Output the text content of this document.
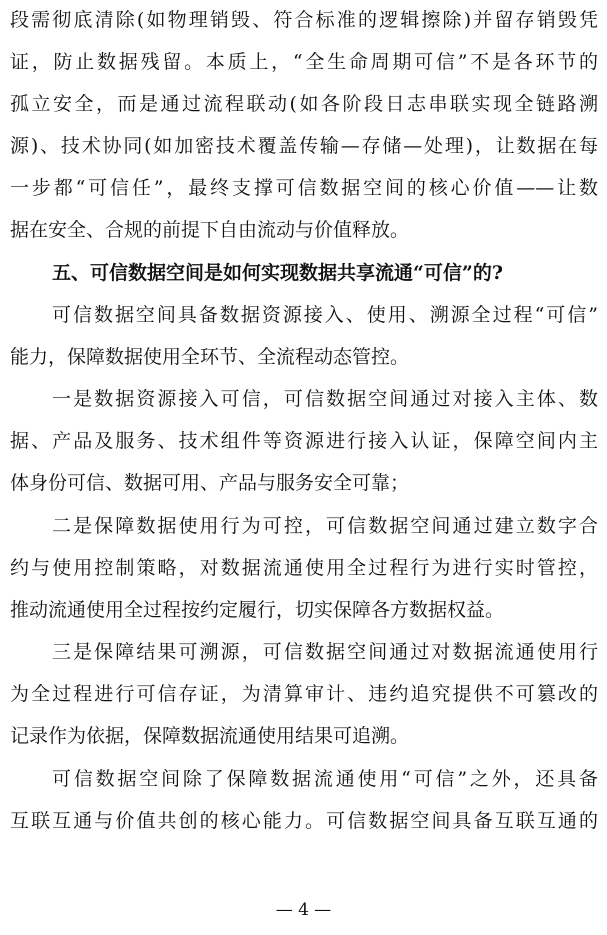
段需彻底清除(如物理销毁、符合标准的逻辑擦除)并留存销毁凭
证，防止数据残留。本质上，“全生命周期可信”不是各环节的
孤立安全，而是通过流程联动(如各阶段日志串联实现全链路溯
源)、技术协同(如加密技术覆盖传输—存储—处理)，让数据在每
一步都“可信任”，最终支撑可信数据空间的核心价值——让数
据在安全、合规的前提下自由流动与价值释放。
五、可信数据空间是如何实现数据共享流通“可信”的?
可信数据空间具备数据资源接入、使用、溯源全过程“可信”
能力，保障数据使用全环节、全流程动态管控。
一是数据资源接入可信，可信数据空间通过对接入主体、数
据、产品及服务、技术组件等资源进行接入认证，保障空间内主
体身份可信、数据可用、产品与服务安全可靠；
二是保障数据使用行为可控，可信数据空间通过建立数字合
约与使用控制策略，对数据流通使用全过程行为进行实时管控，
推动流通使用全过程按约定履行，切实保障各方数据权益。
三是保障结果可溯源，可信数据空间通过对数据流通使用行
为全过程进行可信存证，为清算审计、违约追究提供不可篡改的
记录作为依据，保障数据流通使用结果可追溯。
可信数据空间除了保障数据流通使用“可信”之外，还具备
互联互通与价值共创的核心能力。可信数据空间具备互联互通的
— 4 —
